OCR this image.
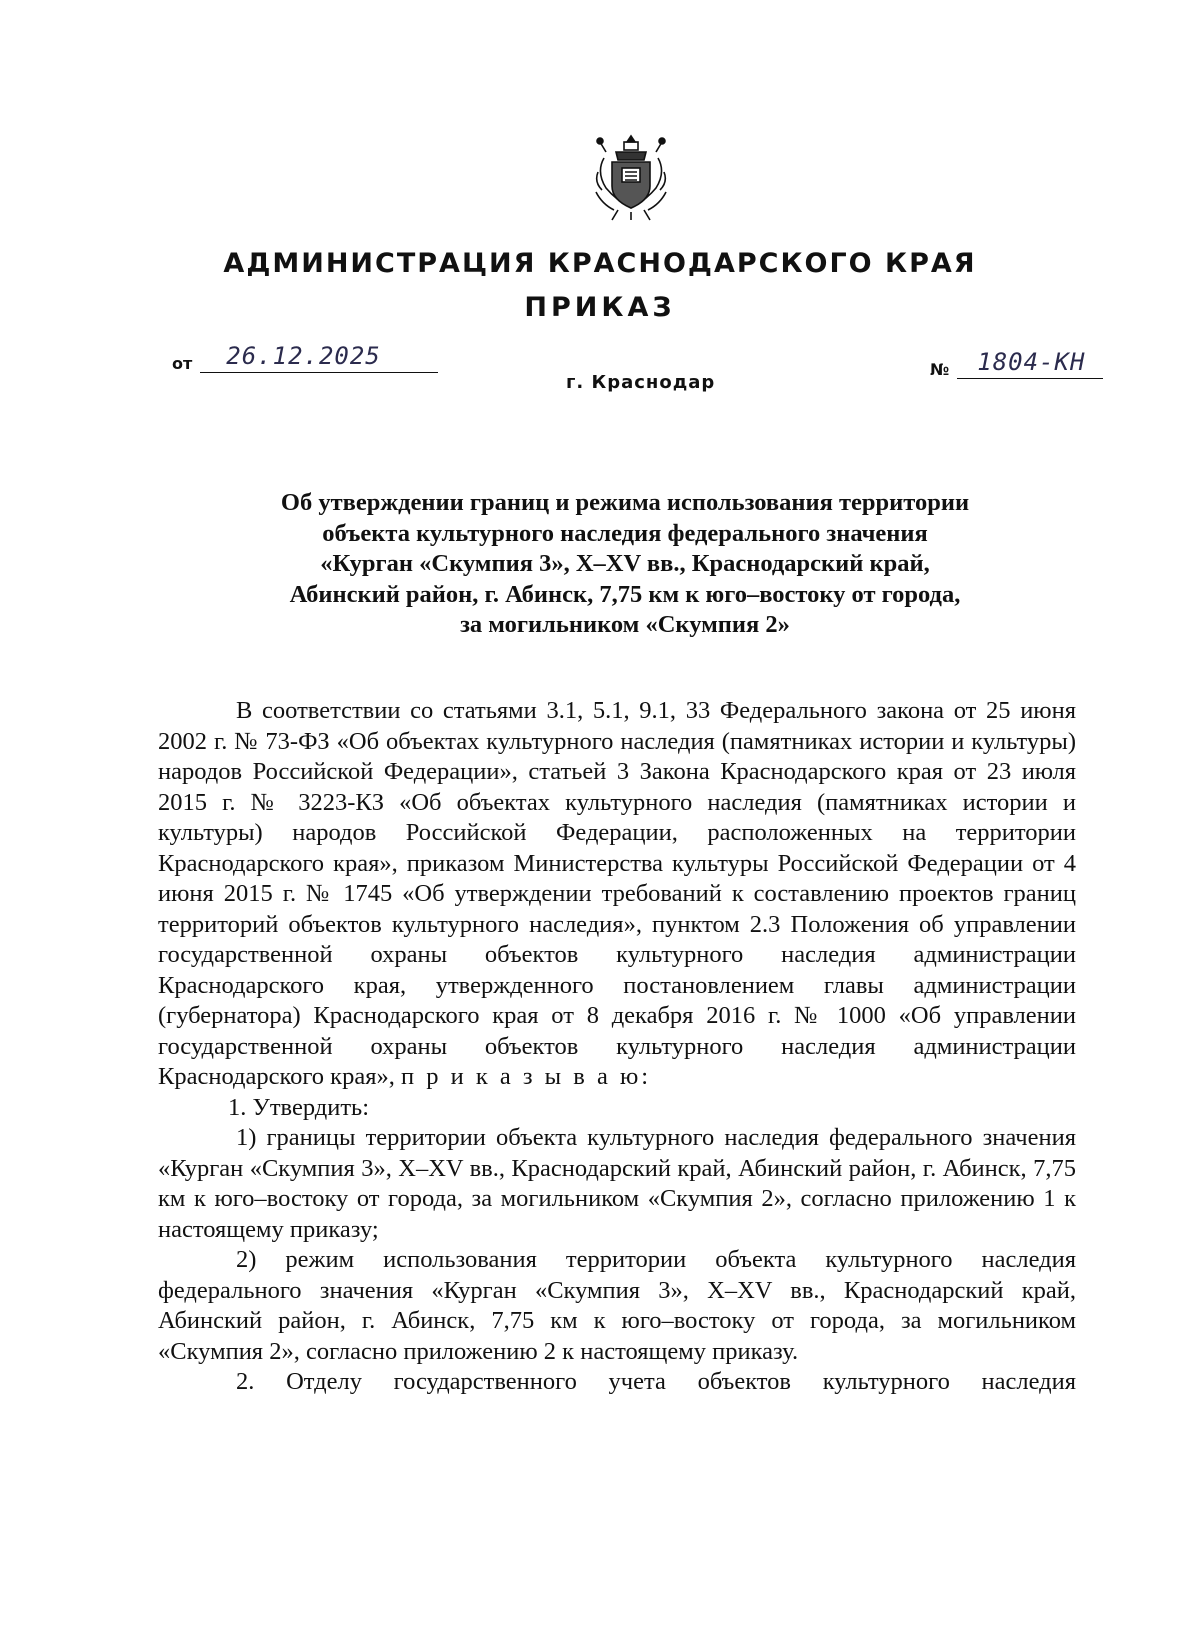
АДМИНИСТРАЦИЯ КРАСНОДАРСКОГО КРАЯ
ПРИКАЗ
от 26.12.2025	№ 1804-КН
г. Краснодар
Об утверждении границ и режима использования территории
объекта культурного наследия федерального значения
«Курган «Скумпия 3», X–XV вв., Краснодарский край,
Абинский район, г. Абинск, 7,75 км к юго–востоку от города,
за могильником «Скумпия 2»
В соответствии со статьями 3.1, 5.1, 9.1, 33 Федерального закона от 25 июня 2002 г. № 73-ФЗ «Об объектах культурного наследия (памятниках истории и культуры) народов Российской Федерации», статьей 3 Закона Краснодарского края от 23 июля 2015 г. № 3223-КЗ «Об объектах культурного наследия (памятниках истории и культуры) народов Российской Федерации, расположенных на территории Краснодарского края», приказом Министерства культуры Российской Федерации от 4 июня 2015 г. № 1745 «Об утверждении требований к составлению проектов границ территорий объектов культурного наследия», пунктом 2.3 Положения об управлении государственной охраны объектов культурного наследия администрации Краснодарского края, утвержденного постановлением главы администрации (губернатора) Краснодарского края от 8 декабря 2016 г. № 1000 «Об управлении государственной охраны объектов культурного наследия администрации Краснодарского края», п р и к а з ы в а ю:
1. Утвердить:
1) границы территории объекта культурного наследия федерального значения «Курган «Скумпия 3», X–XV вв., Краснодарский край, Абинский район, г. Абинск, 7,75 км к юго–востоку от города, за могильником «Скумпия 2», согласно приложению 1 к настоящему приказу;
2) режим использования территории объекта культурного наследия федерального значения «Курган «Скумпия 3», X–XV вв., Краснодарский край, Абинский район, г. Абинск, 7,75 км к юго–востоку от города, за могильником «Скумпия 2», согласно приложению 2 к настоящему приказу.
2. Отделу государственного учета объектов культурного наследия
